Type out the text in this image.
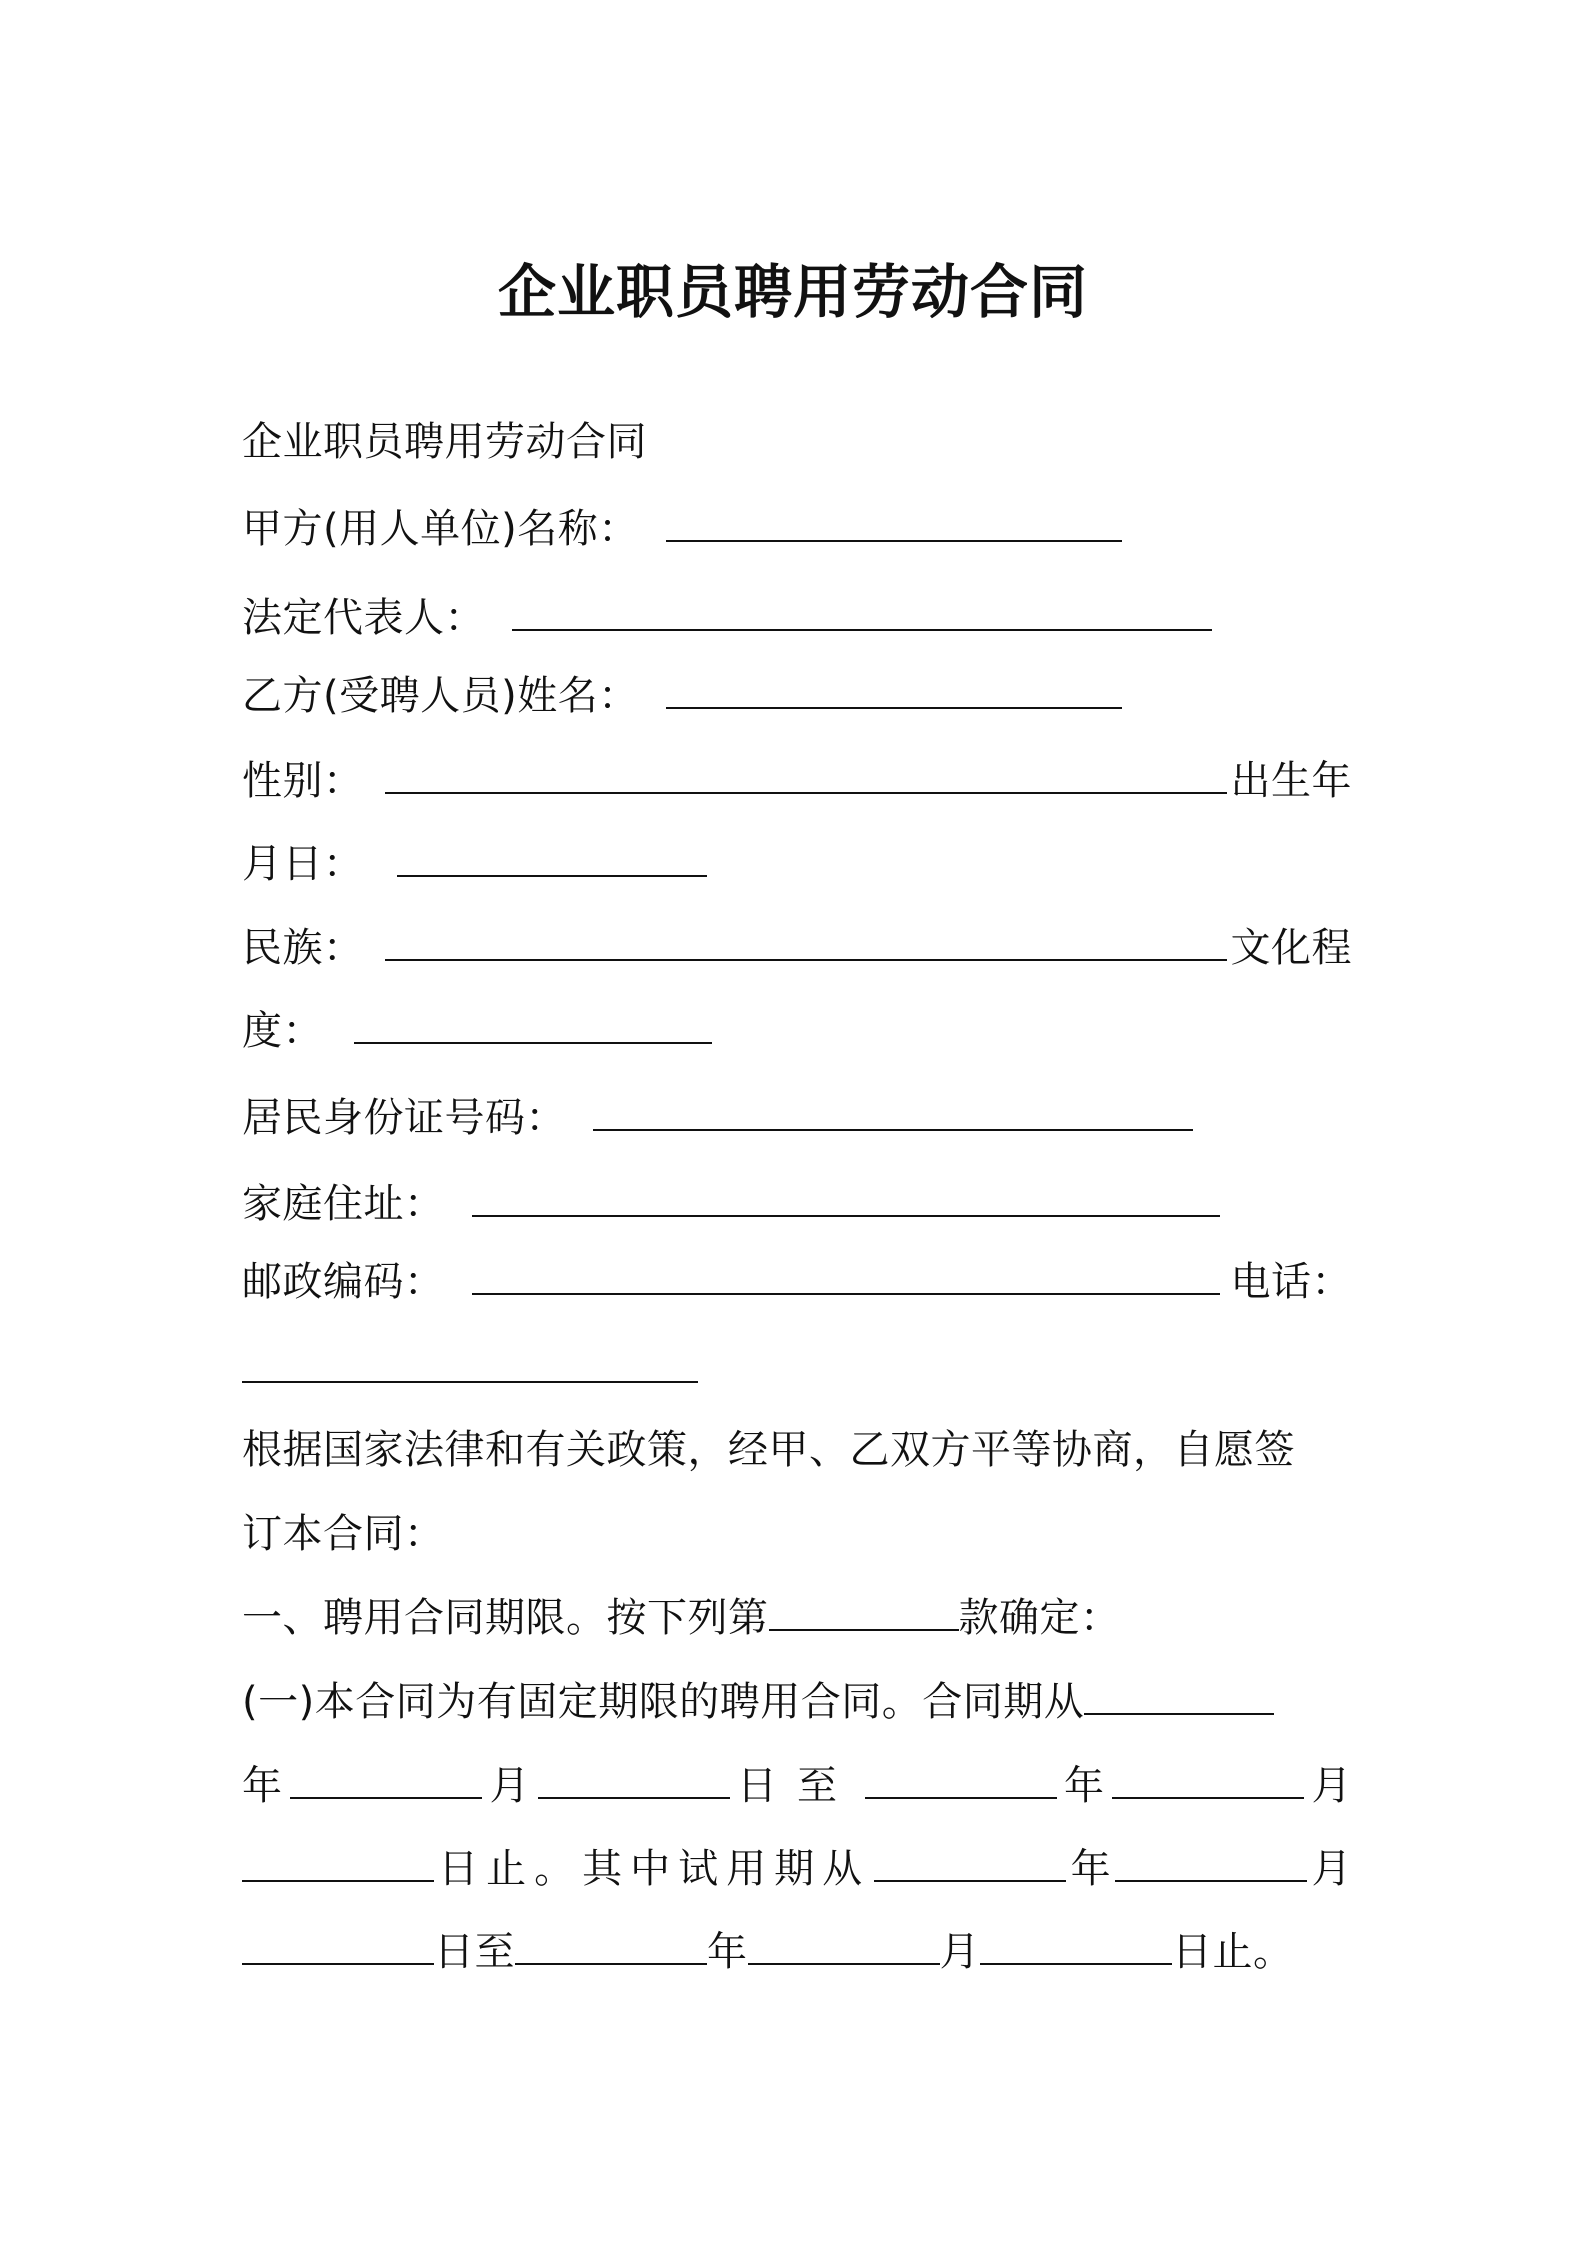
企业职员聘用劳动合同
企业职员聘用劳动合同
甲方(用人单位)名称：
法定代表人：
乙方(受聘人员)姓名：
性别：	出生年
月日：
民族：	文化程
度：
居民身份证号码：
家庭住址：
邮政编码：	电话：
根据国家法律和有关政策，经甲、乙双方平等协商，自愿签
订本合同：
一、聘用合同期限。按下列第	款确定：
(一)本合同为有固定期限的聘用合同。合同期从
年	月	日至	年	月
日止。其中试用期从	年	月
日至	年	月	日止。
